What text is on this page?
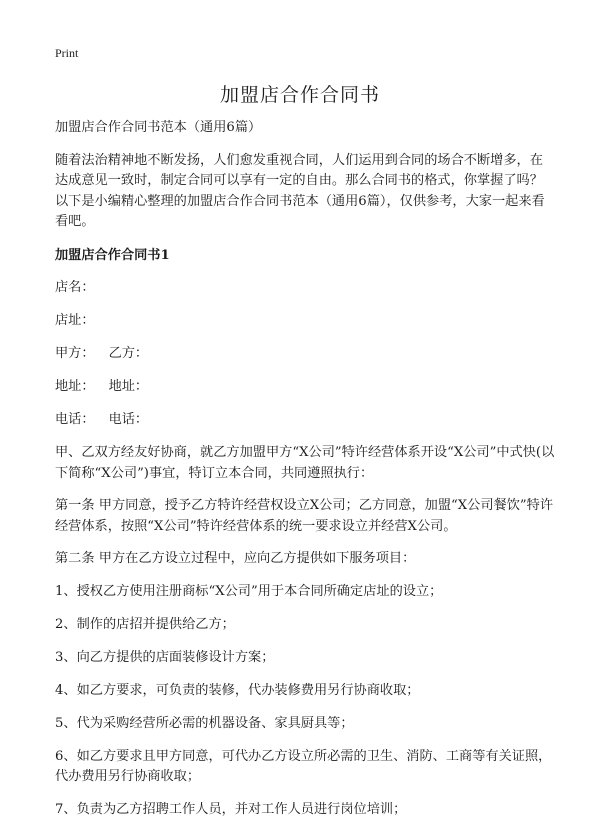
Print
加盟店合作合同书

加盟店合作合同书范本（通用6篇）

随着法治精神地不断发扬，人们愈发重视合同，人们运用到合同的场合不断增多，在达成意见一致时，制定合同可以享有一定的自由。那么合同书的格式，你掌握了吗？以下是小编精心整理的加盟店合作合同书范本（通用6篇），仅供参考，大家一起来看看吧。

加盟店合作合同书1

店名：

店址：

甲方： 乙方：

地址： 地址：

电话： 电话：

甲、乙双方经友好协商，就乙方加盟甲方“X公司”特许经营体系开设“X公司”中式快(以下简称“X公司”)事宜，特订立本合同，共同遵照执行：

第一条 甲方同意，授予乙方特许经营权设立X公司；乙方同意，加盟“X公司餐饮”特许经营体系，按照“X公司”特许经营体系的统一要求设立并经营X公司。

第二条 甲方在乙方设立过程中，应向乙方提供如下服务项目：

1、授权乙方使用注册商标“X公司”用于本合同所确定店址的设立；

2、制作的店招并提供给乙方；

3、向乙方提供的店面装修设计方案；

4、如乙方要求，可负责的装修，代办装修费用另行协商收取；

5、代为采购经营所必需的机器设备、家具厨具等；

6、如乙方要求且甲方同意，可代办乙方设立所必需的卫生、消防、工商等有关证照，代办费用另行协商收取；

7、负责为乙方招聘工作人员，并对工作人员进行岗位培训；
